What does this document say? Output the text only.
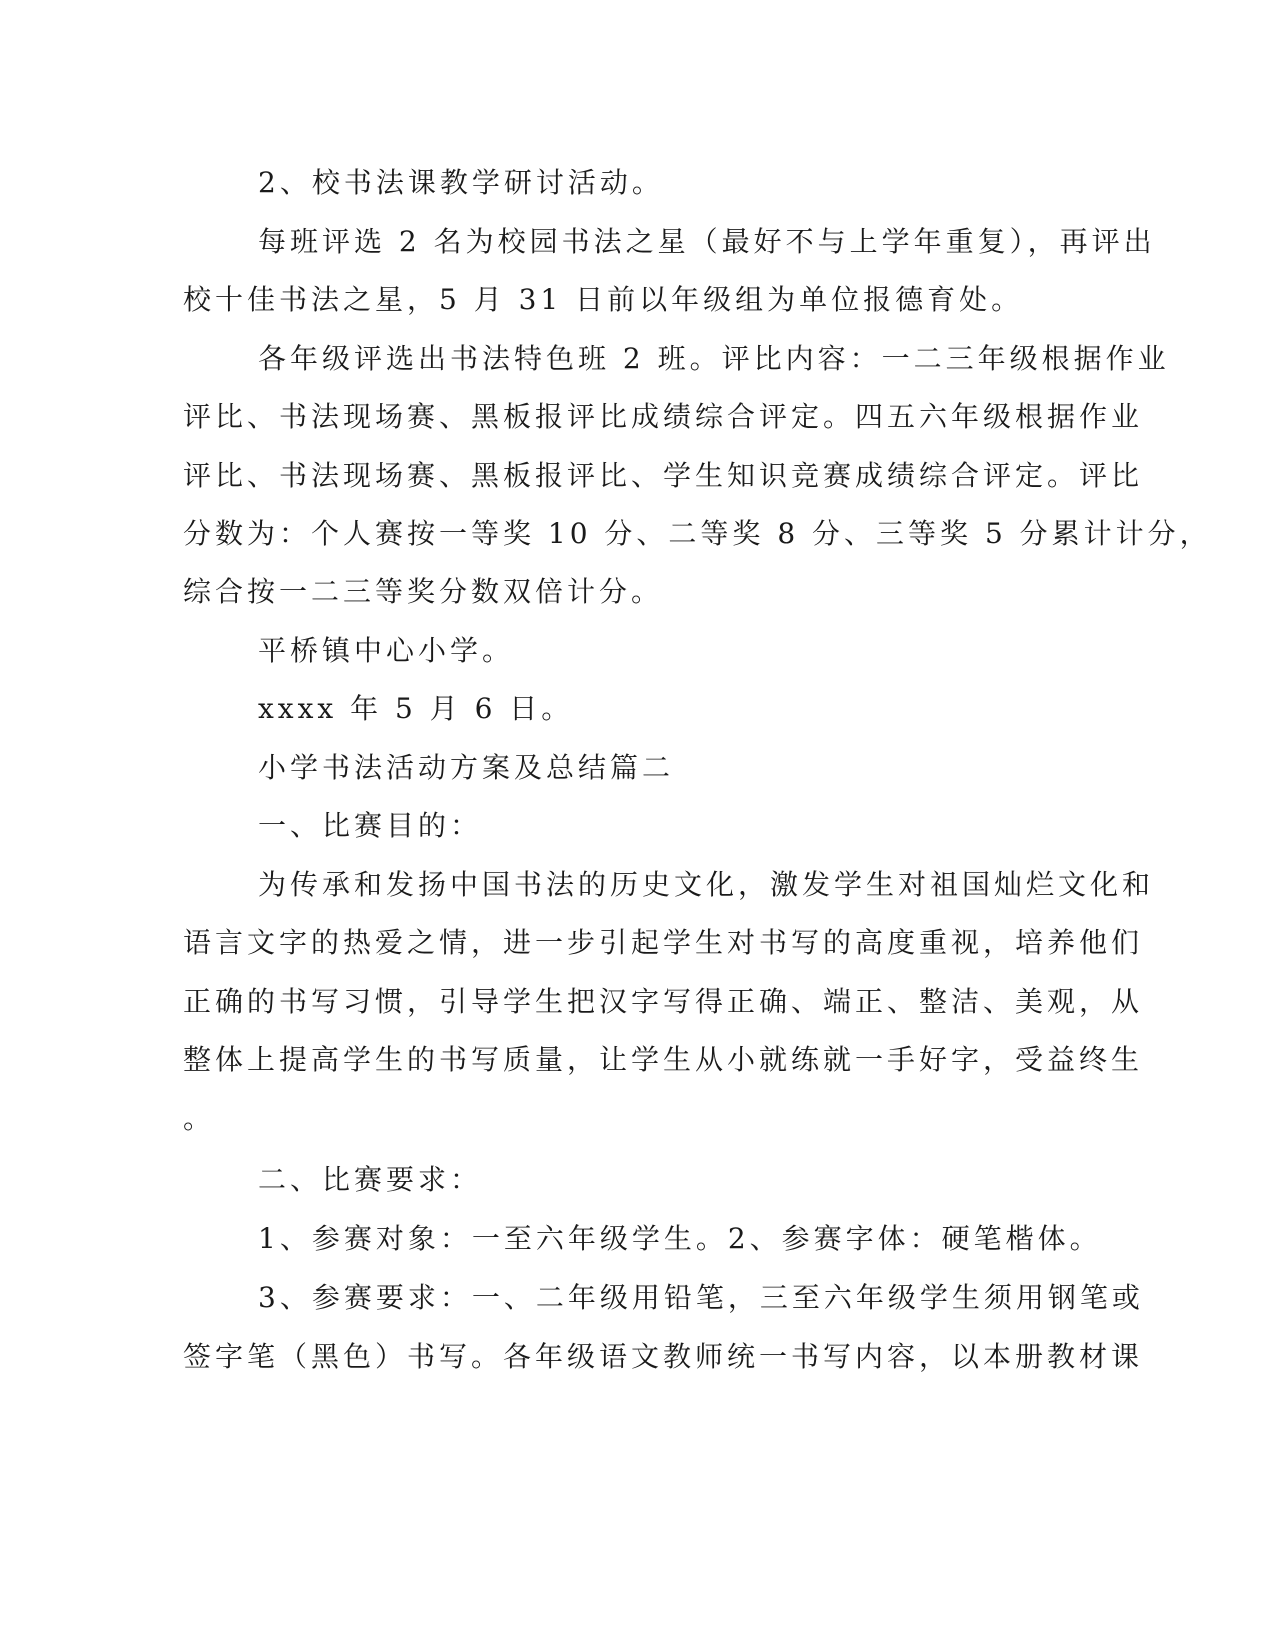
2、校书法课教学研讨活动。
每班评选 2 名为校园书法之星（最好不与上学年重复），再评出
校十佳书法之星，5 月 31 日前以年级组为单位报德育处。
各年级评选出书法特色班 2 班。评比内容：一二三年级根据作业
评比、书法现场赛、黑板报评比成绩综合评定。四五六年级根据作业
评比、书法现场赛、黑板报评比、学生知识竞赛成绩综合评定。评比
分数为：个人赛按一等奖 10 分、二等奖 8 分、三等奖 5 分累计计分，
综合按一二三等奖分数双倍计分。
平桥镇中心小学。
xxxx 年 5 月 6 日。
小学书法活动方案及总结篇二
一、比赛目的：
为传承和发扬中国书法的历史文化，激发学生对祖国灿烂文化和
语言文字的热爱之情，进一步引起学生对书写的高度重视，培养他们
正确的书写习惯，引导学生把汉字写得正确、端正、整洁、美观，从
整体上提高学生的书写质量，让学生从小就练就一手好字，受益终生
。
二、比赛要求：
1、参赛对象：一至六年级学生。2、参赛字体：硬笔楷体。
3、参赛要求：一、二年级用铅笔，三至六年级学生须用钢笔或
签字笔（黑色）书写。各年级语文教师统一书写内容，以本册教材课
